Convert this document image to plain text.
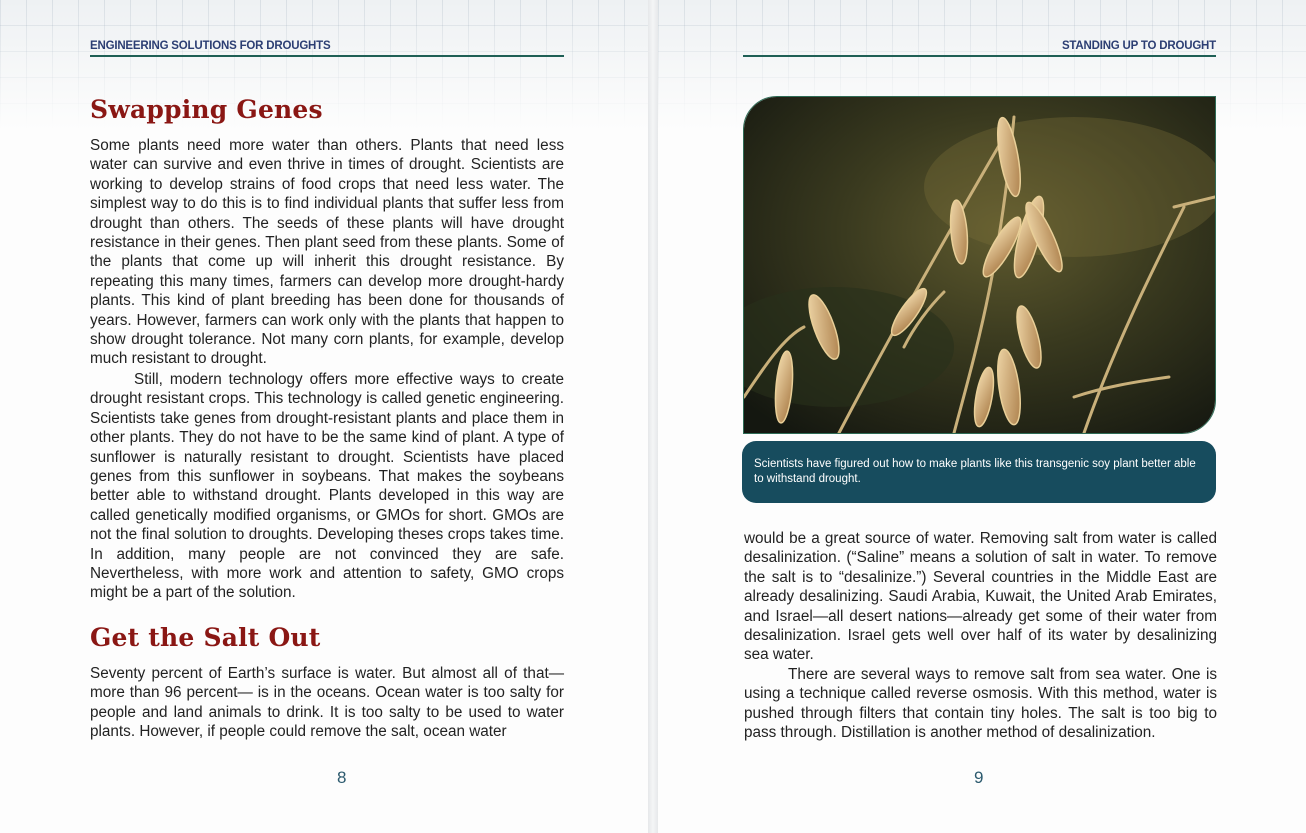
ENGINEERING SOLUTIONS FOR DROUGHTS
Swapping Genes

Some plants need more water than others. Plants that need less water can survive and even thrive in times of drought. Scientists are working to develop strains of food crops that need less water. The simplest way to do this is to find individual plants that suffer less from drought than others. The seeds of these plants will have drought resistance in their genes. Then plant seed from these plants. Some of the plants that come up will inherit this drought resistance. By repeating this many times, farmers can develop more drought-hardy plants. This kind of plant breeding has been done for thousands of years. However, farmers can work only with the plants that happen to show drought tolerance. Not many corn plants, for example, develop much resistant to drought.

Still, modern technology offers more effective ways to create drought resistant crops. This technology is called genetic engineering. Scientists take genes from drought-resistant plants and place them in other plants. They do not have to be the same kind of plant. A type of sunflower is naturally resistant to drought. Scientists have placed genes from this sunflower in soybeans. That makes the soybeans better able to withstand drought. Plants developed in this way are called genetically modified organisms, or GMOs for short. GMOs are not the final solution to droughts. Developing theses crops takes time. In addition, many people are not convinced they are safe. Nevertheless, with more work and attention to safety, GMO crops might be a part of the solution.

Get the Salt Out

Seventy percent of Earth’s surface is water. But almost all of that—more than 96 percent— is in the oceans. Ocean water is too salty for people and land animals to drink. It is too salty to be used to water plants. However, if people could remove the salt, ocean water

8
STANDING UP TO DROUGHT
Scientists have figured out how to make plants like this transgenic soy plant better able to withstand drought.

would be a great source of water. Removing salt from water is called desalinization. (“Saline” means a solution of salt in water. To remove the salt is to “desalinize.”) Several countries in the Middle East are already desalinizing. Saudi Arabia, Kuwait, the United Arab Emirates, and Israel—all desert nations—already get some of their water from desalinization. Israel gets well over half of its water by desalinizing sea water.

There are several ways to remove salt from sea water. One is using a technique called reverse osmosis. With this method, water is pushed through filters that contain tiny holes. The salt is too big to pass through. Distillation is another method of desalinization.

9
